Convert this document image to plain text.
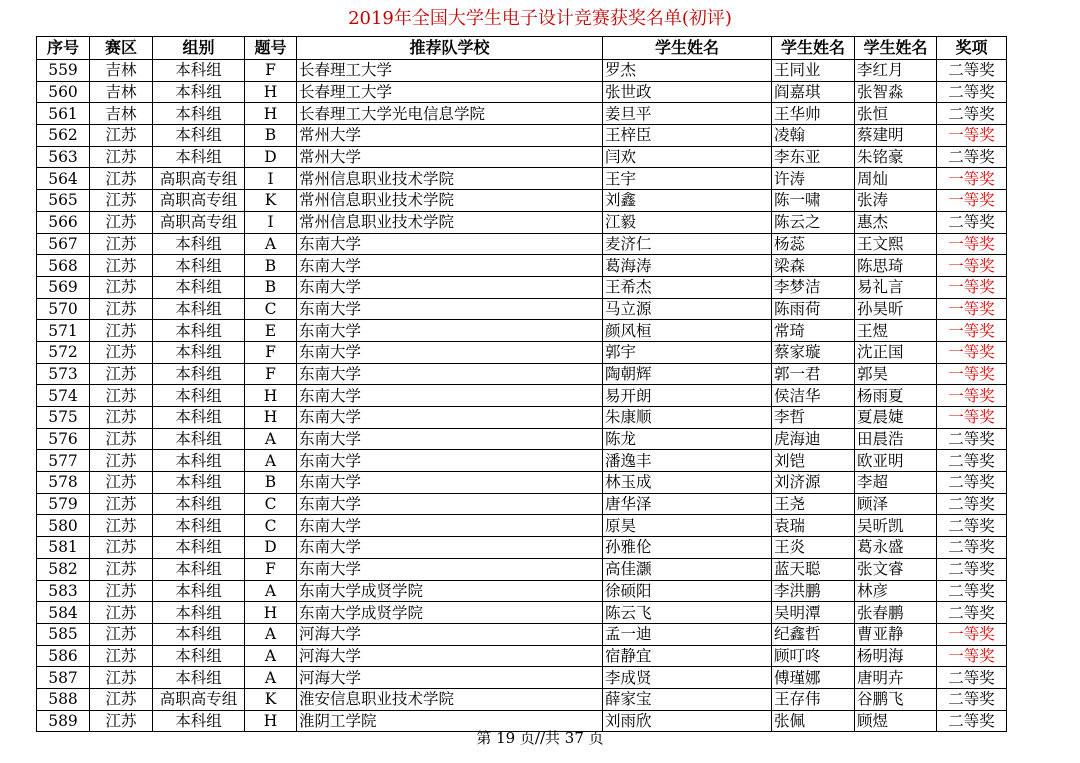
2019年全国大学生电子设计竞赛获奖名单(初评)
序号	赛区	组别	题号	推荐队学校	学生姓名	学生姓名	学生姓名	奖项
559	吉林	本科组	F	长春理工大学	罗杰	王同业	李红月	二等奖
560	吉林	本科组	H	长春理工大学	张世政	阎嘉琪	张智淼	二等奖
561	吉林	本科组	H	长春理工大学光电信息学院	姜旦平	王华帅	张恒	二等奖
562	江苏	本科组	B	常州大学	王梓臣	凌翰	蔡建明	一等奖
563	江苏	本科组	D	常州大学	闫欢	李东亚	朱铭豪	二等奖
564	江苏	高职高专组	I	常州信息职业技术学院	王宇	许涛	周灿	一等奖
565	江苏	高职高专组	K	常州信息职业技术学院	刘鑫	陈一啸	张涛	一等奖
566	江苏	高职高专组	I	常州信息职业技术学院	江毅	陈云之	惠杰	二等奖
567	江苏	本科组	A	东南大学	麦济仁	杨蕊	王文熙	一等奖
568	江苏	本科组	B	东南大学	葛海涛	梁森	陈思琦	一等奖
569	江苏	本科组	B	东南大学	王希杰	李梦洁	易礼言	一等奖
570	江苏	本科组	C	东南大学	马立源	陈雨荷	孙昊昕	一等奖
571	江苏	本科组	E	东南大学	颜风桓	常琦	王煜	一等奖
572	江苏	本科组	F	东南大学	郭宇	蔡家璇	沈正国	一等奖
573	江苏	本科组	F	东南大学	陶朝辉	郭一君	郭昊	一等奖
574	江苏	本科组	H	东南大学	易开朗	侯洁华	杨雨夏	一等奖
575	江苏	本科组	H	东南大学	朱康顺	李哲	夏晨婕	一等奖
576	江苏	本科组	A	东南大学	陈龙	虎海迪	田晨浩	二等奖
577	江苏	本科组	A	东南大学	潘逸丰	刘铠	欧亚明	二等奖
578	江苏	本科组	B	东南大学	林玉成	刘济源	李超	二等奖
579	江苏	本科组	C	东南大学	唐华泽	王尧	顾泽	二等奖
580	江苏	本科组	C	东南大学	原昊	袁瑞	吴昕凯	二等奖
581	江苏	本科组	D	东南大学	孙雅伦	王炎	葛永盛	二等奖
582	江苏	本科组	F	东南大学	高佳灏	蓝天聪	张文睿	二等奖
583	江苏	本科组	A	东南大学成贤学院	徐硕阳	李洪鹏	林彦	二等奖
584	江苏	本科组	H	东南大学成贤学院	陈云飞	吴明潭	张春鹏	二等奖
585	江苏	本科组	A	河海大学	孟一迪	纪鑫哲	曹亚静	一等奖
586	江苏	本科组	A	河海大学	宿静宜	顾叮咚	杨明海	一等奖
587	江苏	本科组	A	河海大学	李成贤	傅瑾娜	唐明卉	二等奖
588	江苏	高职高专组	K	淮安信息职业技术学院	薛家宝	王存伟	谷鹏飞	二等奖
589	江苏	本科组	H	淮阴工学院	刘雨欣	张佩	顾煜	二等奖
第 19 页//共 37 页
